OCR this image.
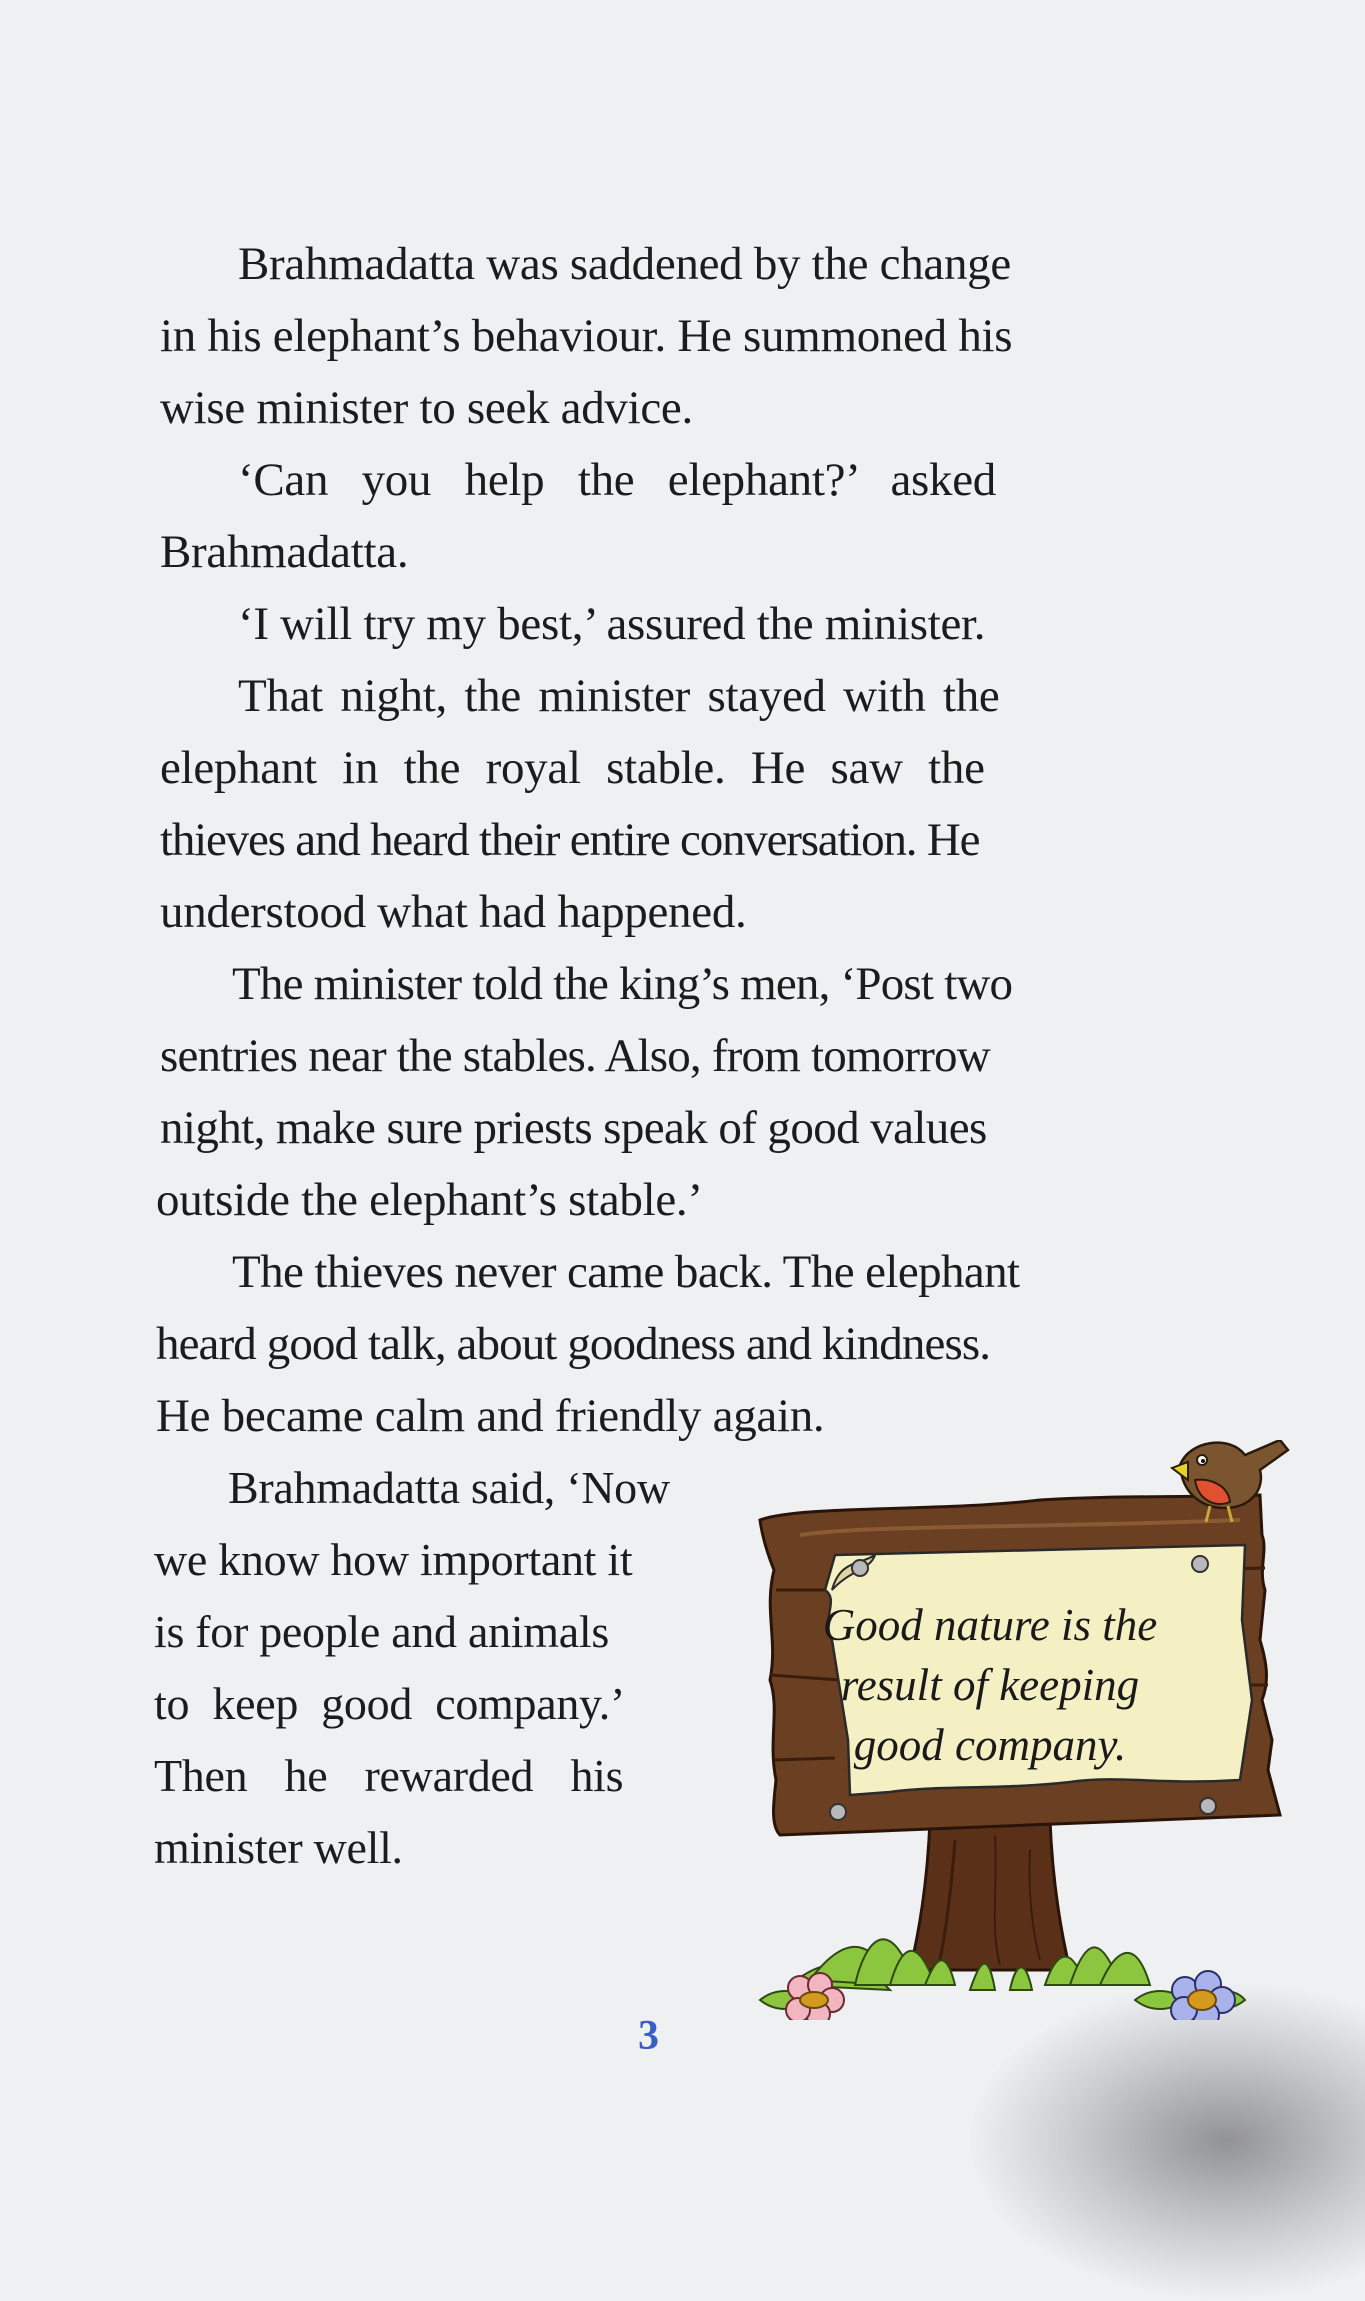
Brahmadatta was saddened by the change
in his elephant’s behaviour. He summoned his
wise minister to seek advice.
‘Can you help the elephant?’ asked
Brahmadatta.
‘I will try my best,’ assured the minister.
That night, the minister stayed with the
elephant in the royal stable. He saw the
thieves and heard their entire conversation. He
understood what had happened.
The minister told the king’s men, ‘Post two
sentries near the stables. Also, from tomorrow
night, make sure priests speak of good values
outside the elephant’s stable.’
The thieves never came back. The elephant
heard good talk, about goodness and kindness.
He became calm and friendly again.
Brahmadatta said, ‘Now
we know how important it
is for people and animals
to keep good company.’
Then he rewarded his
minister well.
Good nature is the
result of keeping
good company.
3
